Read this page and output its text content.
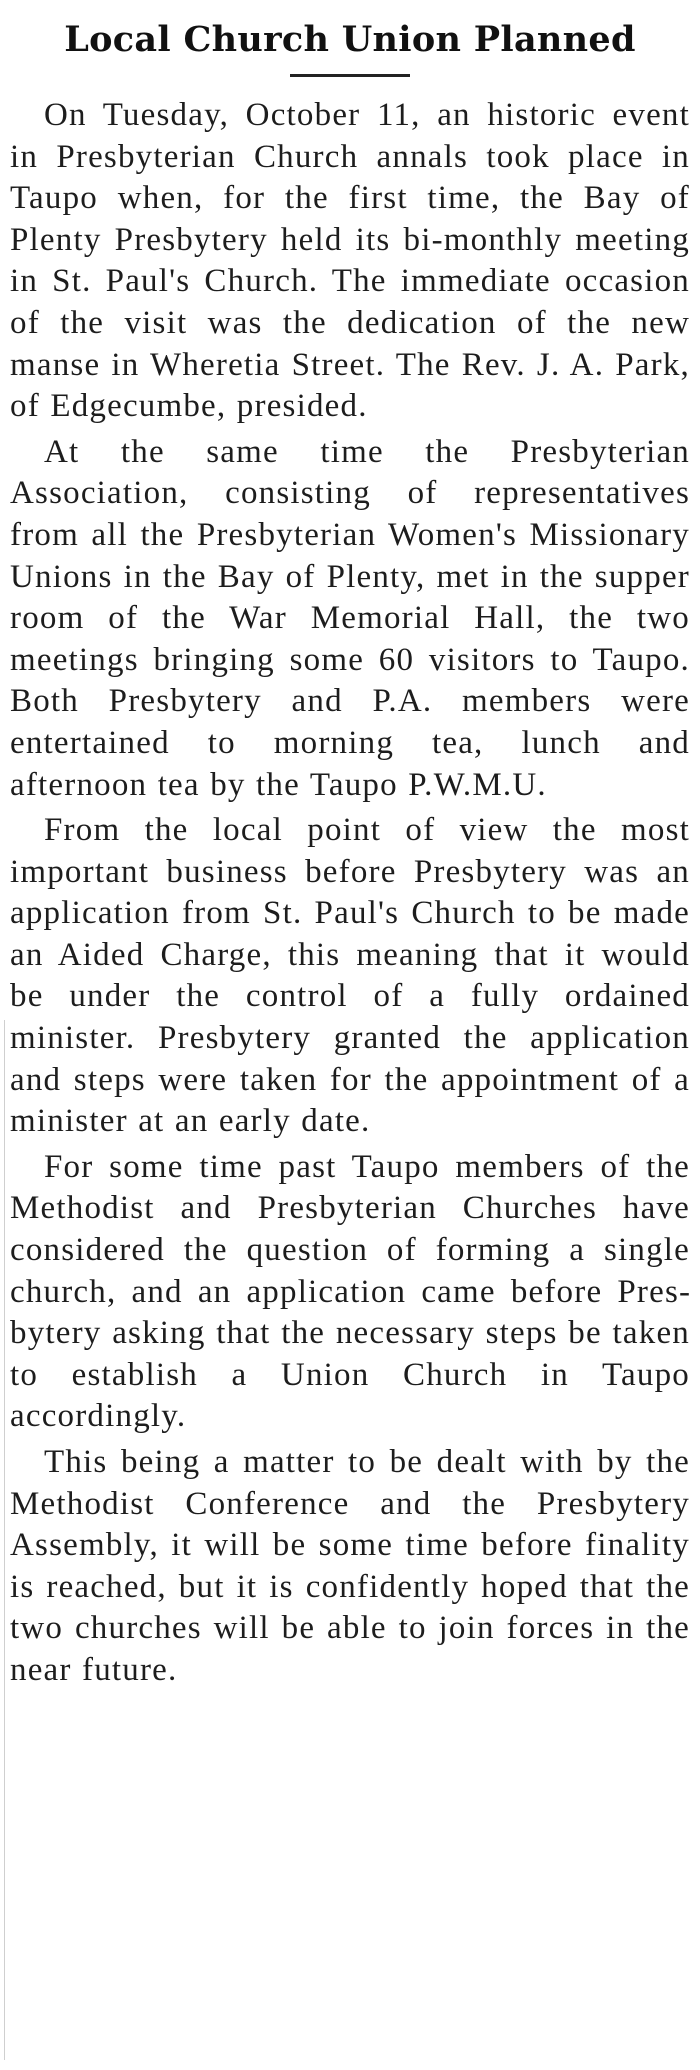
Local Church Union Planned

On Tuesday, October 11, an historic event in Presbyterian Church annals took place in Taupo when, for the first time, the Bay of Plenty Presbytery held its bi-monthly meeting in St. Paul's Church. The immediate occasion of the visit was the dedication of the new manse in Wheretia Street. The Rev. J. A. Park, of Edgecumbe, presided.

At the same time the Presbyterian Association, consisting of representatives from all the Presbyterian Women's Missionary Unions in the Bay of Plenty, met in the supper room of the War Memorial Hall, the two meetings bringing some 60 visitors to Taupo. Both Presbytery and P.A. members were entertained to morning tea, lunch and afternoon tea by the Taupo P.W.M.U.

From the local point of view the most important business before Presbytery was an application from St. Paul's Church to be made an Aided Charge, this meaning that it would be under the control of a fully ordained minister. Presbytery granted the application and steps were taken for the appointment of a minister at an early date.

For some time past Taupo members of the Methodist and Presbyterian Churches have considered the question of forming a single church, and an application came before Presbytery asking that the necessary steps be taken to establish a Union Church in Taupo accordingly.

This being a matter to be dealt with by the Methodist Conference and the Presbytery Assembly, it will be some time before finality is reached, but it is confidently hoped that the two churches will be able to join forces in the near future.
